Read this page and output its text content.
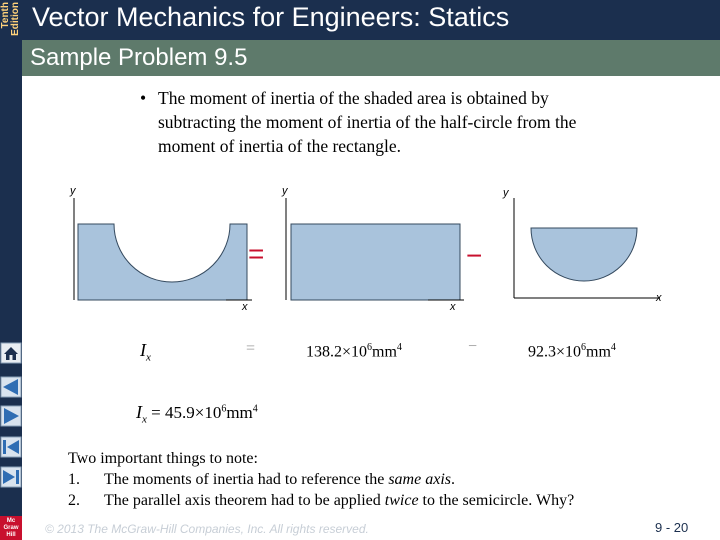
Tenth Edition
Mc Graw Hill
Vector Mechanics for Engineers: Statics
Sample Problem 9.5
• The moment of inertia of the shaded area is obtained by subtracting the moment of inertia of the half-circle from the moment of inertia of the rectangle.
y
x
=
y
x
−
y
x
$I_x$
=	$138.2\times 10^6mm^4$	−	$92.3\times 10^6mm^4$
$I_x = 45.9\times 10^6mm^4$
Two important things to note:
1.	The moments of inertia had to reference the same axis.
2.	The parallel axis theorem had to be applied twice to the semicircle. Why?
© 2013 The McGraw-Hill Companies, Inc. All rights reserved.	9 - 20
